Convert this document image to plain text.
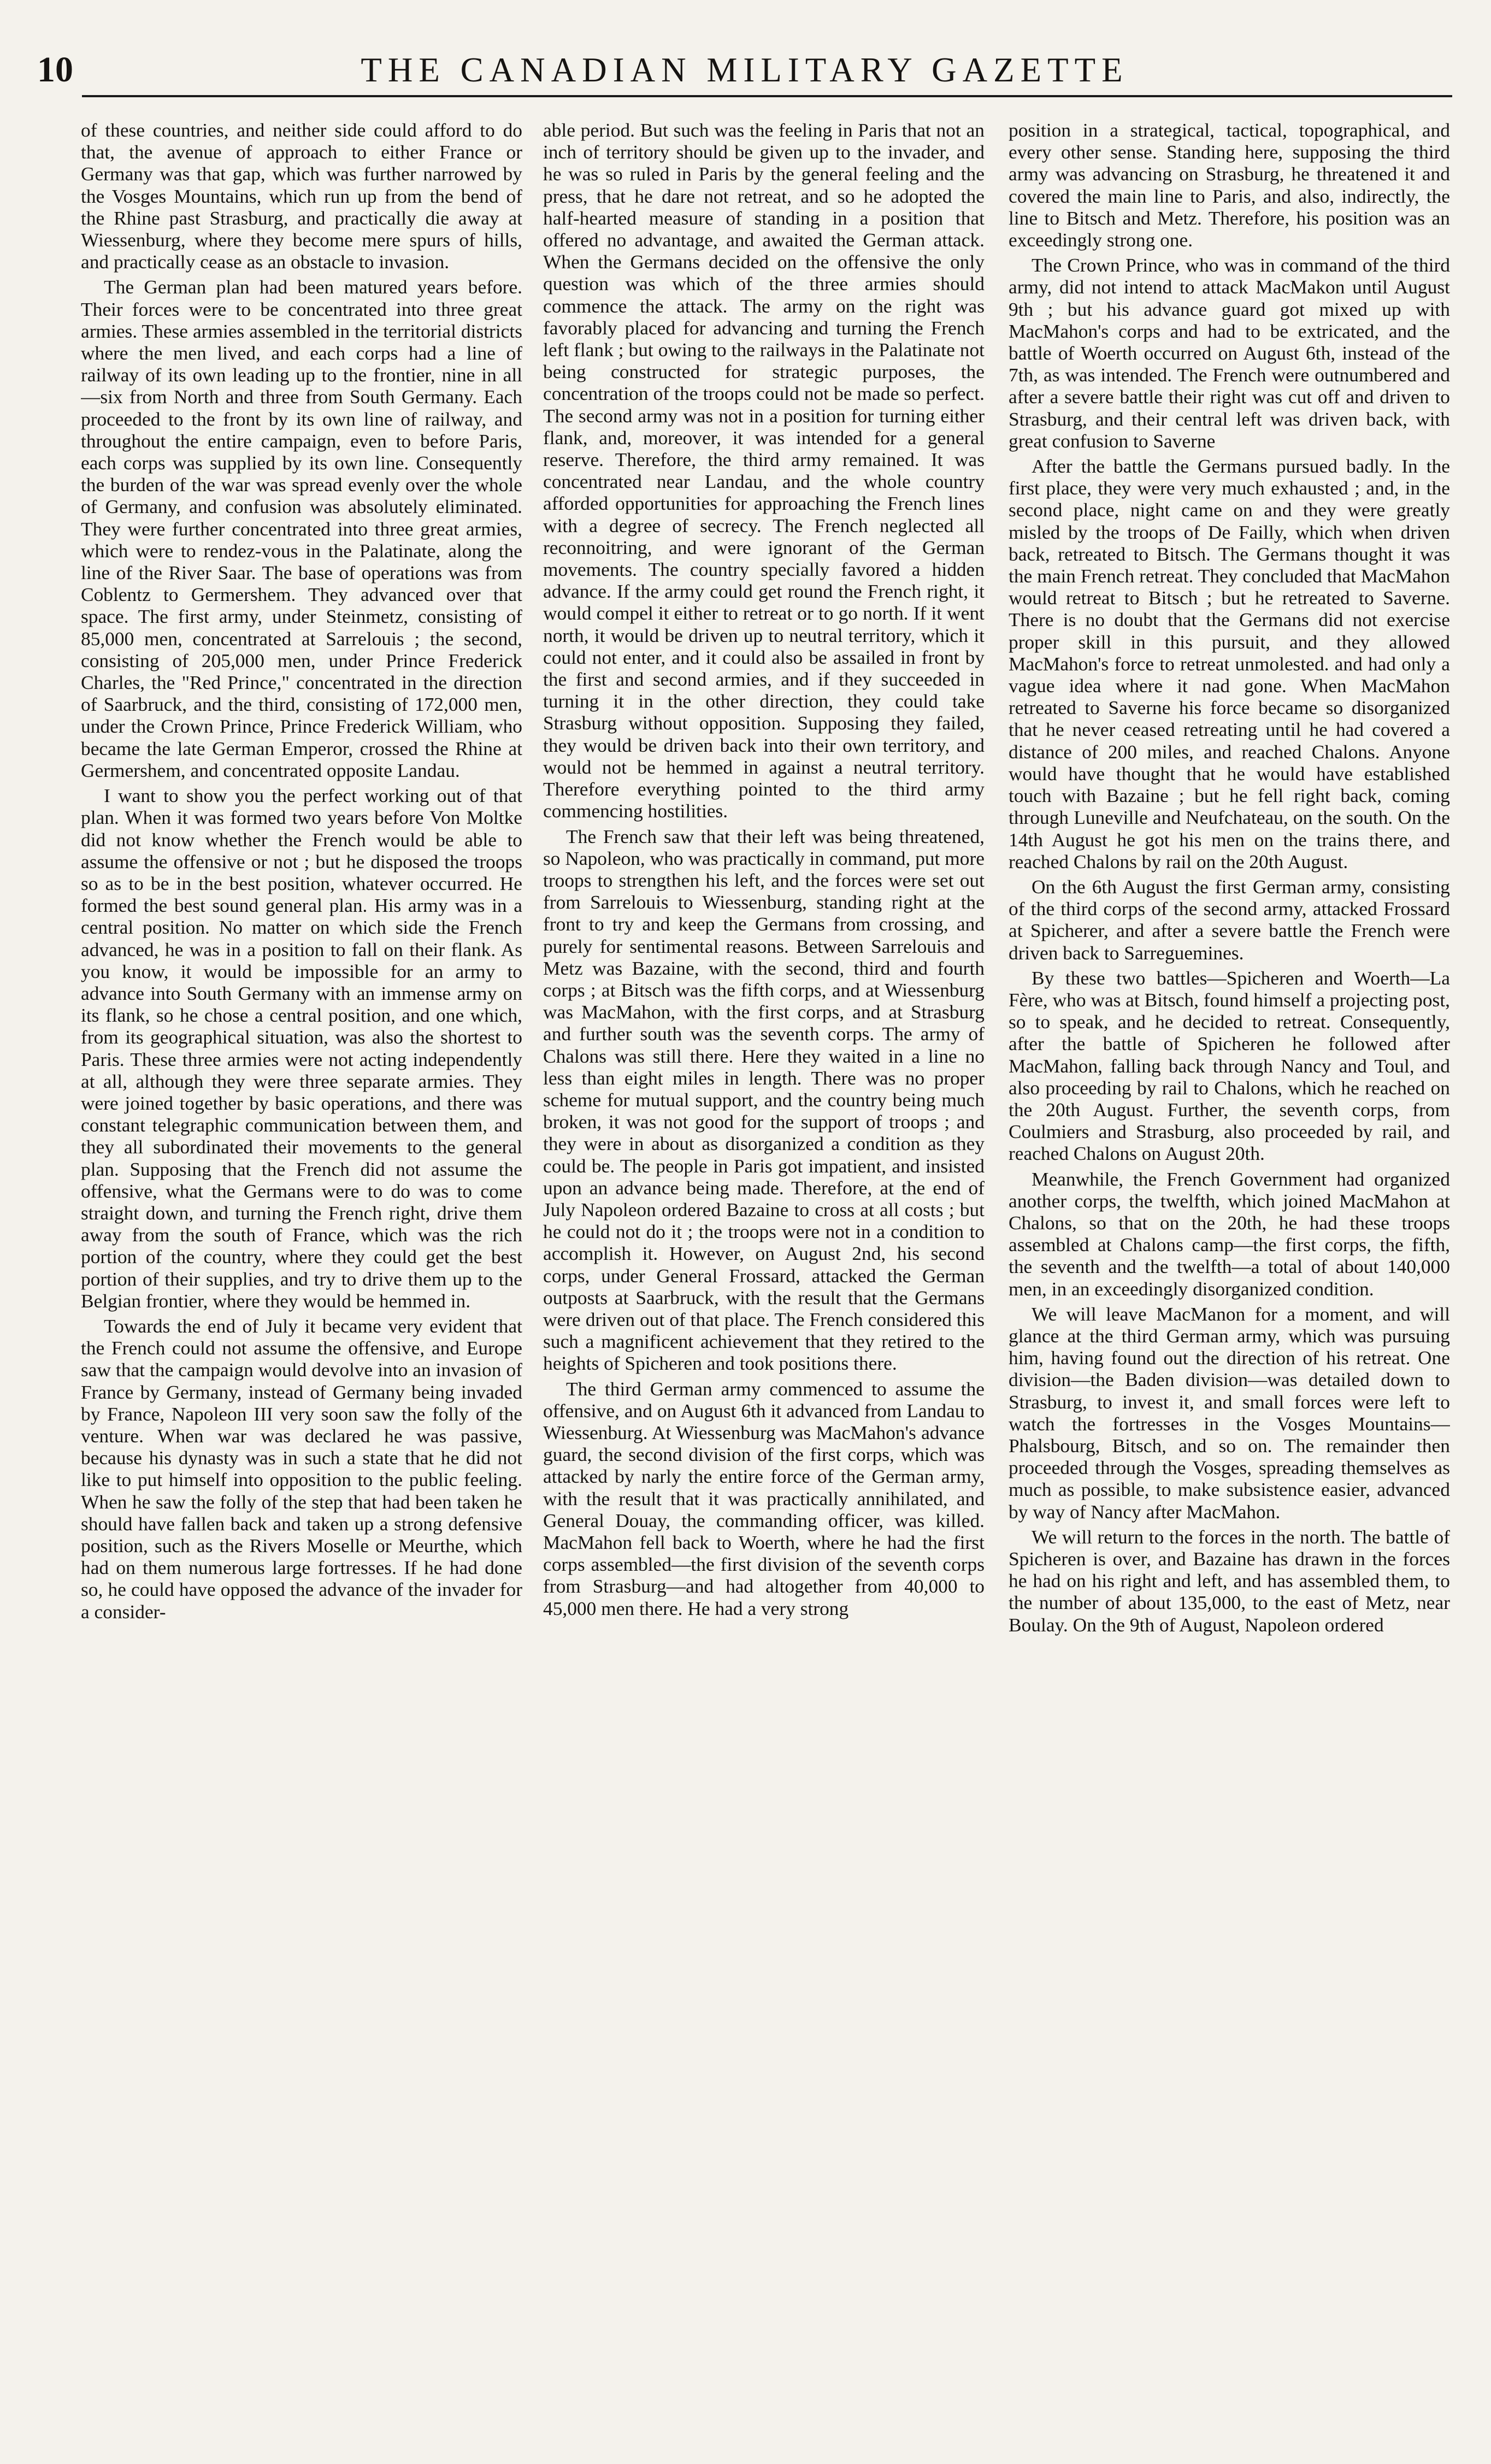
10	THE CANADIAN MILITARY GAZETTE

of these countries, and neither side could afford to do that, the avenue of approach to either France or Germany was that gap, which was further narrowed by the Vosges Mountains, which run up from the bend of the Rhine past Strasburg, and practically die away at Wiessenburg, where they become mere spurs of hills, and practically cease as an obstacle to invasion.

The German plan had been matured years before. Their forces were to be concentrated into three great armies. These armies assembled in the territorial districts where the men lived, and each corps had a line of railway of its own leading up to the frontier, nine in all—six from North and three from South Germany. Each proceeded to the front by its own line of railway, and throughout the entire campaign, even to before Paris, each corps was supplied by its own line. Consequently the burden of the war was spread evenly over the whole of Germany, and confusion was absolutely eliminated. They were further concentrated into three great armies, which were to rendez-vous in the Palatinate, along the line of the River Saar. The base of operations was from Coblentz to Germershem. They advanced over that space. The first army, under Steinmetz, consisting of 85,000 men, concentrated at Sarrelouis ; the second, consisting of 205,000 men, under Prince Frederick Charles, the "Red Prince," concentrated in the direction of Saarbruck, and the third, consisting of 172,000 men, under the Crown Prince, Prince Frederick William, who became the late German Emperor, crossed the Rhine at Germershem, and concentrated opposite Landau.

I want to show you the perfect working out of that plan. When it was formed two years before Von Moltke did not know whether the French would be able to assume the offensive or not ; but he disposed the troops so as to be in the best position, whatever occurred. He formed the best sound general plan. His army was in a central position. No matter on which side the French advanced, he was in a position to fall on their flank. As you know, it would be impossible for an army to advance into South Germany with an immense army on its flank, so he chose a central position, and one which, from its geographical situation, was also the shortest to Paris. These three armies were not acting independently at all, although they were three separate armies. They were joined together by basic operations, and there was constant telegraphic communication between them, and they all subordinated their movements to the general plan. Supposing that the French did not assume the offensive, what the Germans were to do was to come straight down, and turning the French right, drive them away from the south of France, which was the rich portion of the country, where they could get the best portion of their supplies, and try to drive them up to the Belgian frontier, where they would be hemmed in.

Towards the end of July it became very evident that the French could not assume the offensive, and Europe saw that the campaign would devolve into an invasion of France by Germany, instead of Germany being invaded by France, Napoleon III very soon saw the folly of the venture. When war was declared he was passive, because his dynasty was in such a state that he did not like to put himself into opposition to the public feeling. When he saw the folly of the step that had been taken he should have fallen back and taken up a strong defensive position, such as the Rivers Moselle or Meurthe, which had on them numerous large fortresses. If he had done so, he could have opposed the advance of the invader for a consider-

able period. But such was the feeling in Paris that not an inch of territory should be given up to the invader, and he was so ruled in Paris by the general feeling and the press, that he dare not retreat, and so he adopted the half-hearted measure of standing in a position that offered no advantage, and awaited the German attack. When the Germans decided on the offensive the only question was which of the three armies should commence the attack. The army on the right was favorably placed for advancing and turning the French left flank ; but owing to the railways in the Palatinate not being constructed for strategic purposes, the concentration of the troops could not be made so perfect. The second army was not in a position for turning either flank, and, moreover, it was intended for a general reserve. Therefore, the third army remained. It was concentrated near Landau, and the whole country afforded opportunities for approaching the French lines with a degree of secrecy. The French neglected all reconnoitring, and were ignorant of the German movements. The country specially favored a hidden advance. If the army could get round the French right, it would compel it either to retreat or to go north. If it went north, it would be driven up to neutral territory, which it could not enter, and it could also be assailed in front by the first and second armies, and if they succeeded in turning it in the other direction, they could take Strasburg without opposition. Supposing they failed, they would be driven back into their own territory, and would not be hemmed in against a neutral territory. Therefore everything pointed to the third army commencing hostilities.

The French saw that their left was being threatened, so Napoleon, who was practically in command, put more troops to strengthen his left, and the forces were set out from Sarrelouis to Wiessenburg, standing right at the front to try and keep the Germans from crossing, and purely for sentimental reasons. Between Sarrelouis and Metz was Bazaine, with the second, third and fourth corps ; at Bitsch was the fifth corps, and at Wiessenburg was MacMahon, with the first corps, and at Strasburg and further south was the seventh corps. The army of Chalons was still there. Here they waited in a line no less than eight miles in length. There was no proper scheme for mutual support, and the country being much broken, it was not good for the support of troops ; and they were in about as disorganized a condition as they could be. The people in Paris got impatient, and insisted upon an advance being made. Therefore, at the end of July Napoleon ordered Bazaine to cross at all costs ; but he could not do it ; the troops were not in a condition to accomplish it. However, on August 2nd, his second corps, under General Frossard, attacked the German outposts at Saarbruck, with the result that the Germans were driven out of that place. The French considered this such a magnificent achievement that they retired to the heights of Spicheren and took positions there.

The third German army commenced to assume the offensive, and on August 6th it advanced from Landau to Wiessenburg. At Wiessenburg was MacMahon's advance guard, the second division of the first corps, which was attacked by narly the entire force of the German army, with the result that it was practically annihilated, and General Douay, the commanding officer, was killed. MacMahon fell back to Woerth, where he had the first corps assembled—the first division of the seventh corps from Strasburg—and had altogether from 40,000 to 45,000 men there. He had a very strong

position in a strategical, tactical, topographical, and every other sense. Standing here, supposing the third army was advancing on Strasburg, he threatened it and covered the main line to Paris, and also, indirectly, the line to Bitsch and Metz. Therefore, his position was an exceedingly strong one.

The Crown Prince, who was in command of the third army, did not intend to attack MacMakon until August 9th ; but his advance guard got mixed up with MacMahon's corps and had to be extricated, and the battle of Woerth occurred on August 6th, instead of the 7th, as was intended. The French were outnumbered and after a severe battle their right was cut off and driven to Strasburg, and their central left was driven back, with great confusion to Saverne

After the battle the Germans pursued badly. In the first place, they were very much exhausted ; and, in the second place, night came on and they were greatly misled by the troops of De Failly, which when driven back, retreated to Bitsch. The Germans thought it was the main French retreat. They concluded that MacMahon would retreat to Bitsch ; but he retreated to Saverne. There is no doubt that the Germans did not exercise proper skill in this pursuit, and they allowed MacMahon's force to retreat unmolested. and had only a vague idea where it nad gone. When MacMahon retreated to Saverne his force became so disorganized that he never ceased retreating until he had covered a distance of 200 miles, and reached Chalons. Anyone would have thought that he would have established touch with Bazaine ; but he fell right back, coming through Luneville and Neufchateau, on the south. On the 14th August he got his men on the trains there, and reached Chalons by rail on the 20th August.

On the 6th August the first German army, consisting of the third corps of the second army, attacked Frossard at Spicherer, and after a severe battle the French were driven back to Sarreguemines.

By these two battles—Spicheren and Woerth—La Fère, who was at Bitsch, found himself a projecting post, so to speak, and he decided to retreat. Consequently, after the battle of Spicheren he followed after MacMahon, falling back through Nancy and Toul, and also proceeding by rail to Chalons, which he reached on the 20th August. Further, the seventh corps, from Coulmiers and Strasburg, also proceeded by rail, and reached Chalons on August 20th.

Meanwhile, the French Government had organized another corps, the twelfth, which joined MacMahon at Chalons, so that on the 20th, he had these troops assembled at Chalons camp—the first corps, the fifth, the seventh and the twelfth—a total of about 140,000 men, in an exceedingly disorganized condition.

We will leave MacManon for a moment, and will glance at the third German army, which was pursuing him, having found out the direction of his retreat. One division—the Baden division—was detailed down to Strasburg, to invest it, and small forces were left to watch the fortresses in the Vosges Mountains—Phalsbourg, Bitsch, and so on. The remainder then proceeded through the Vosges, spreading themselves as much as possible, to make subsistence easier, advanced by way of Nancy after MacMahon.

We will return to the forces in the north. The battle of Spicheren is over, and Bazaine has drawn in the forces he had on his right and left, and has assembled them, to the number of about 135,000, to the east of Metz, near Boulay. On the 9th of August, Napoleon ordered
